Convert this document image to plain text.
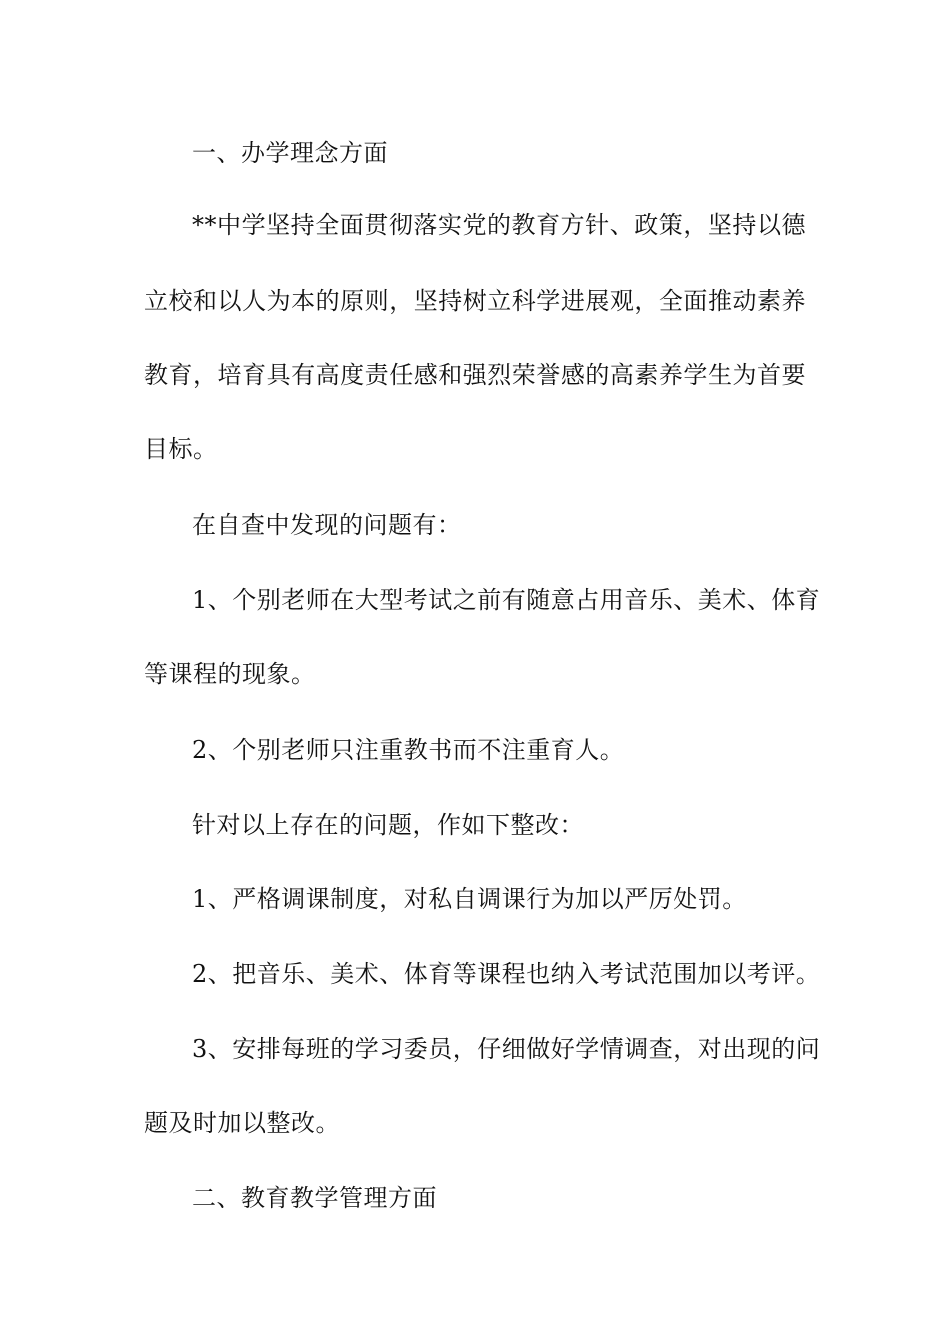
一、办学理念方面
**中学坚持全面贯彻落实党的教育方针、政策，坚持以德
立校和以人为本的原则，坚持树立科学进展观，全面推动素养
教育，培育具有高度责任感和强烈荣誉感的高素养学生为首要
目标。
在自查中发现的问题有：
1、个别老师在大型考试之前有随意占用音乐、美术、体育
等课程的现象。
2、个别老师只注重教书而不注重育人。
针对以上存在的问题，作如下整改：
1、严格调课制度，对私自调课行为加以严厉处罚。
2、把音乐、美术、体育等课程也纳入考试范围加以考评。
3、安排每班的学习委员，仔细做好学情调查，对出现的问
题及时加以整改。
二、教育教学管理方面
